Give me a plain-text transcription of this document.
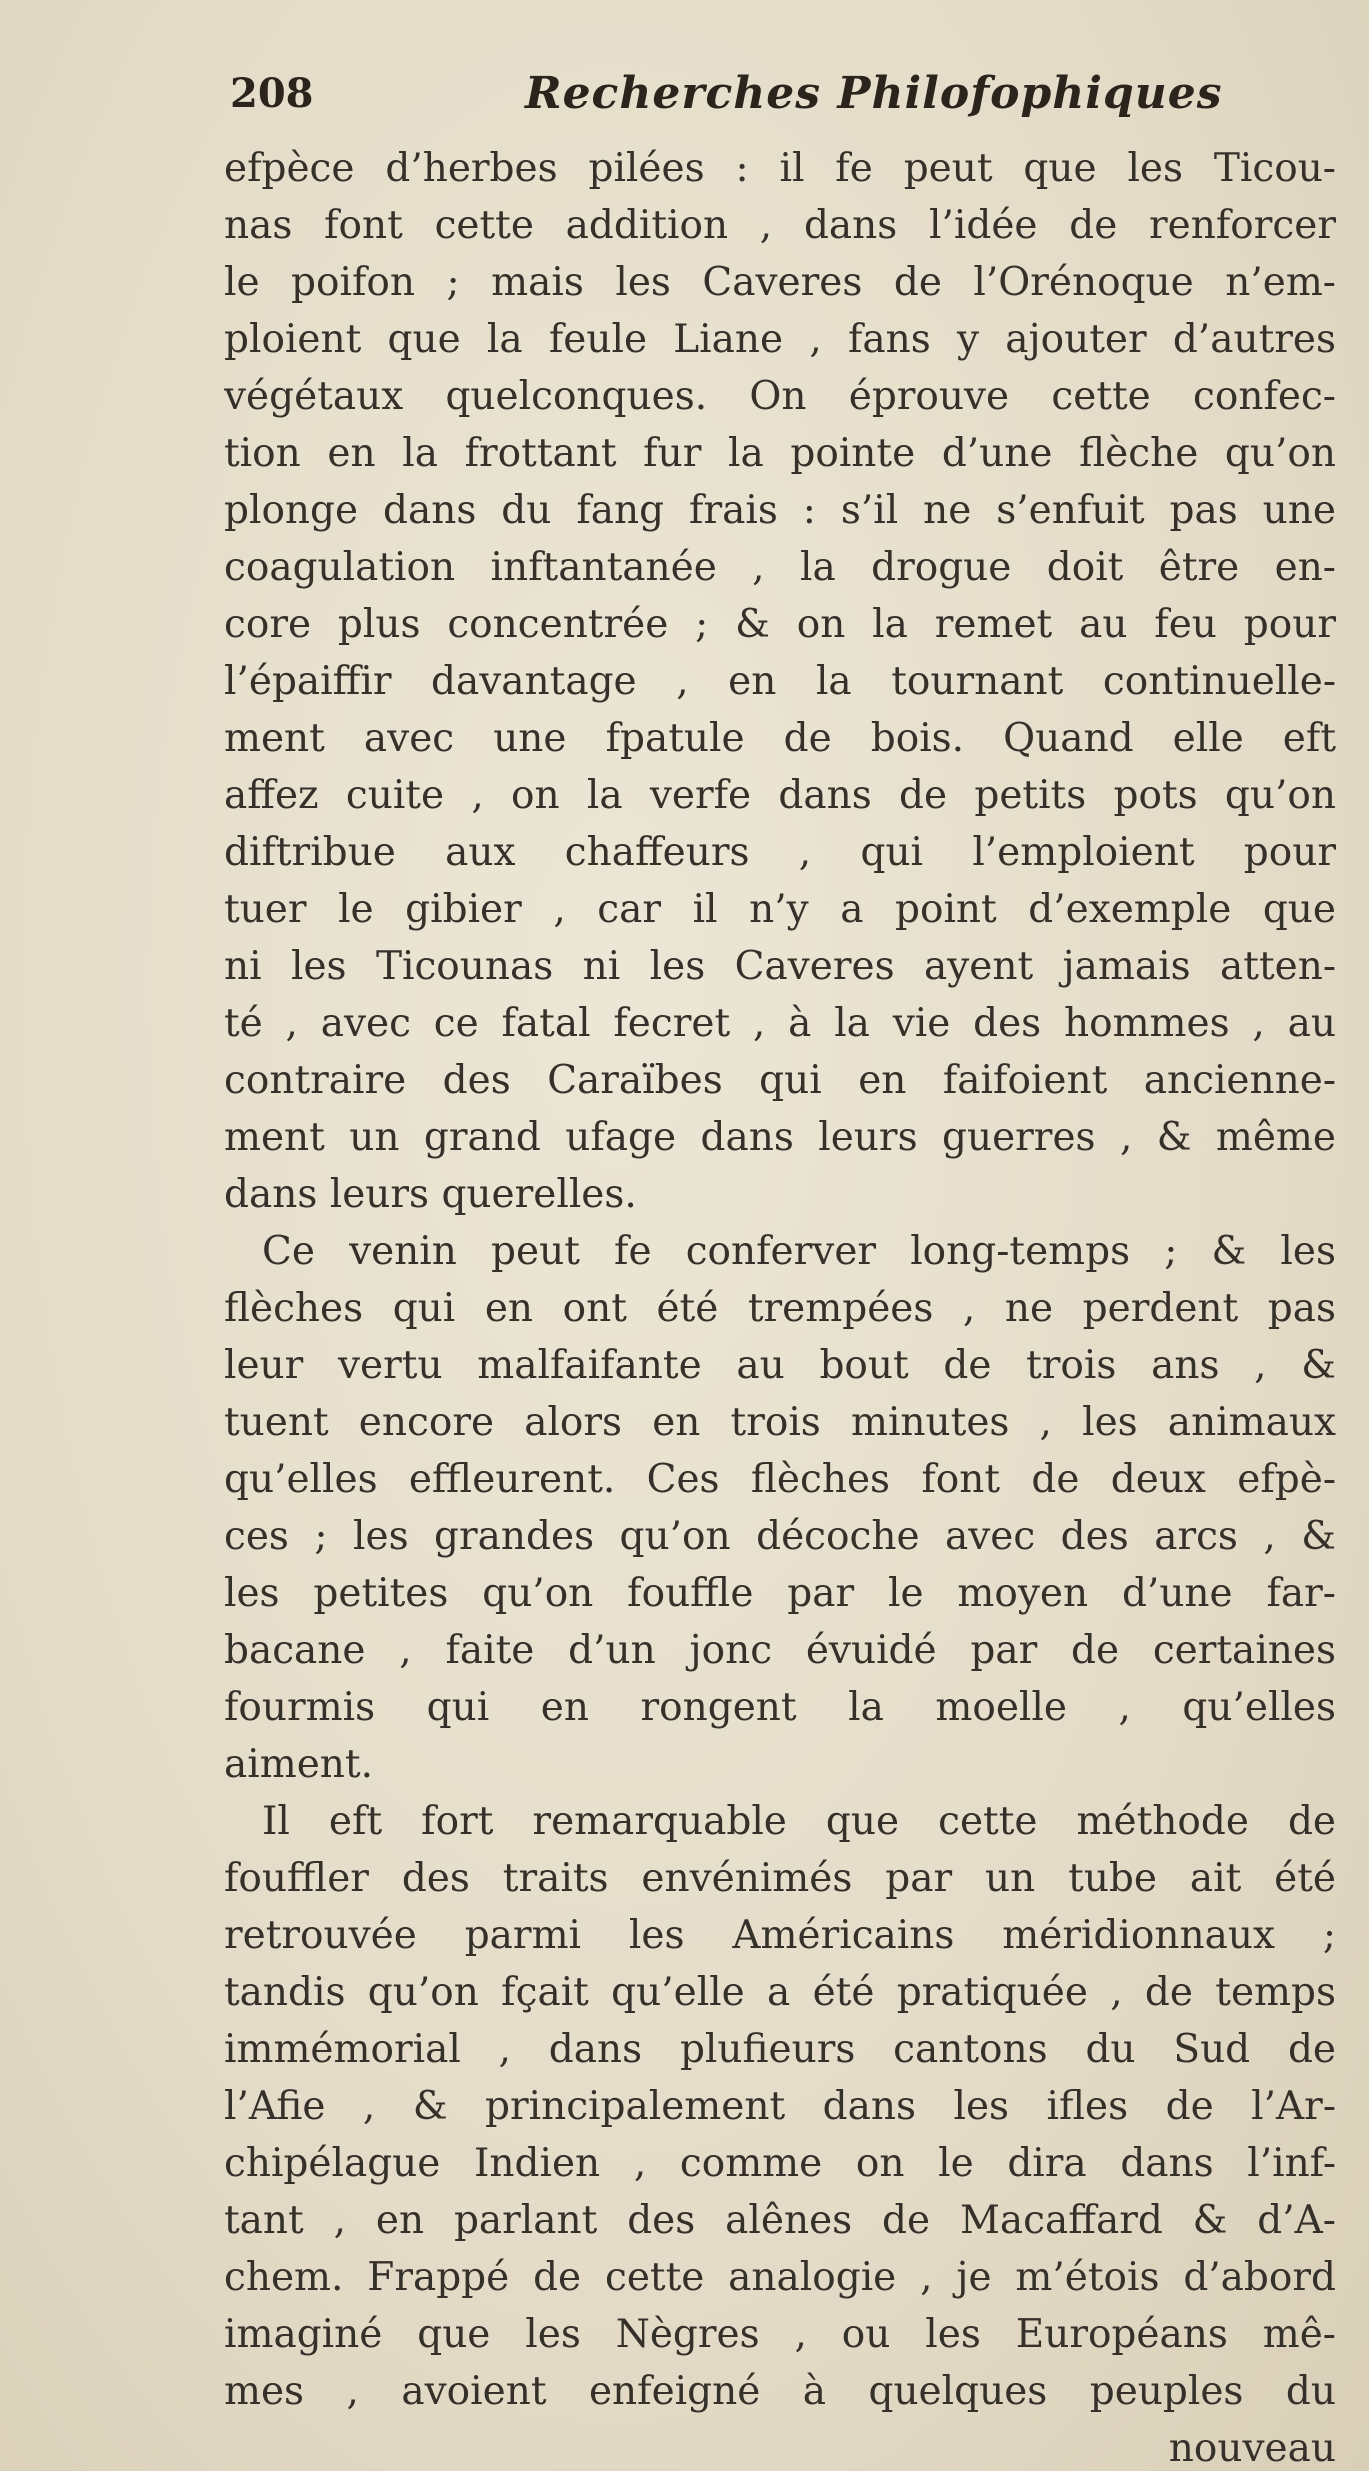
208	Recherches Philofophiques
efpèce d’herbes pilées : il fe peut que les Ticou-
nas font cette addition , dans l’idée de renforcer
le poifon ; mais les Caveres de l’Orénoque n’em-
ploient que la feule Liane , fans y ajouter d’autres
végétaux quelconques. On éprouve cette confec-
tion en la frottant fur la pointe d’une flèche qu’on
plonge dans du fang frais : s’il ne s’enfuit pas une
coagulation inftantanée , la drogue doit être en-
core plus concentrée ; & on la remet au feu pour
l’épaiffir davantage , en la tournant continuelle-
ment avec une fpatule de bois. Quand elle eft
affez cuite , on la verfe dans de petits pots qu’on
diftribue aux chaffeurs , qui l’emploient pour
tuer le gibier , car il n’y a point d’exemple que
ni les Ticounas ni les Caveres ayent jamais atten-
té , avec ce fatal fecret , à la vie des hommes , au
contraire des Caraïbes qui en faifoient ancienne-
ment un grand ufage dans leurs guerres , & même
dans leurs querelles.
Ce venin peut fe conferver long-temps ; & les
flèches qui en ont été trempées , ne perdent pas
leur vertu malfaifante au bout de trois ans , &
tuent encore alors en trois minutes , les animaux
qu’elles effleurent. Ces flèches font de deux efpè-
ces ; les grandes qu’on décoche avec des arcs , &
les petites qu’on fouffle par le moyen d’une far-
bacane , faite d’un jonc évuidé par de certaines
fourmis qui en rongent la moelle , qu’elles
aiment.
Il eft fort remarquable que cette méthode de
fouffler des traits envénimés par un tube ait été
retrouvée parmi les Américains méridionnaux ;
tandis qu’on fçait qu’elle a été pratiquée , de temps
immémorial , dans plufieurs cantons du Sud de
l’Afie , & principalement dans les ifles de l’Ar-
chipélague Indien , comme on le dira dans l’inf-
tant , en parlant des alênes de Macaffard & d’A-
chem. Frappé de cette analogie , je m’étois d’abord
imaginé que les Nègres , ou les Européans mê-
mes , avoient enfeigné à quelques peuples du
nouveau
